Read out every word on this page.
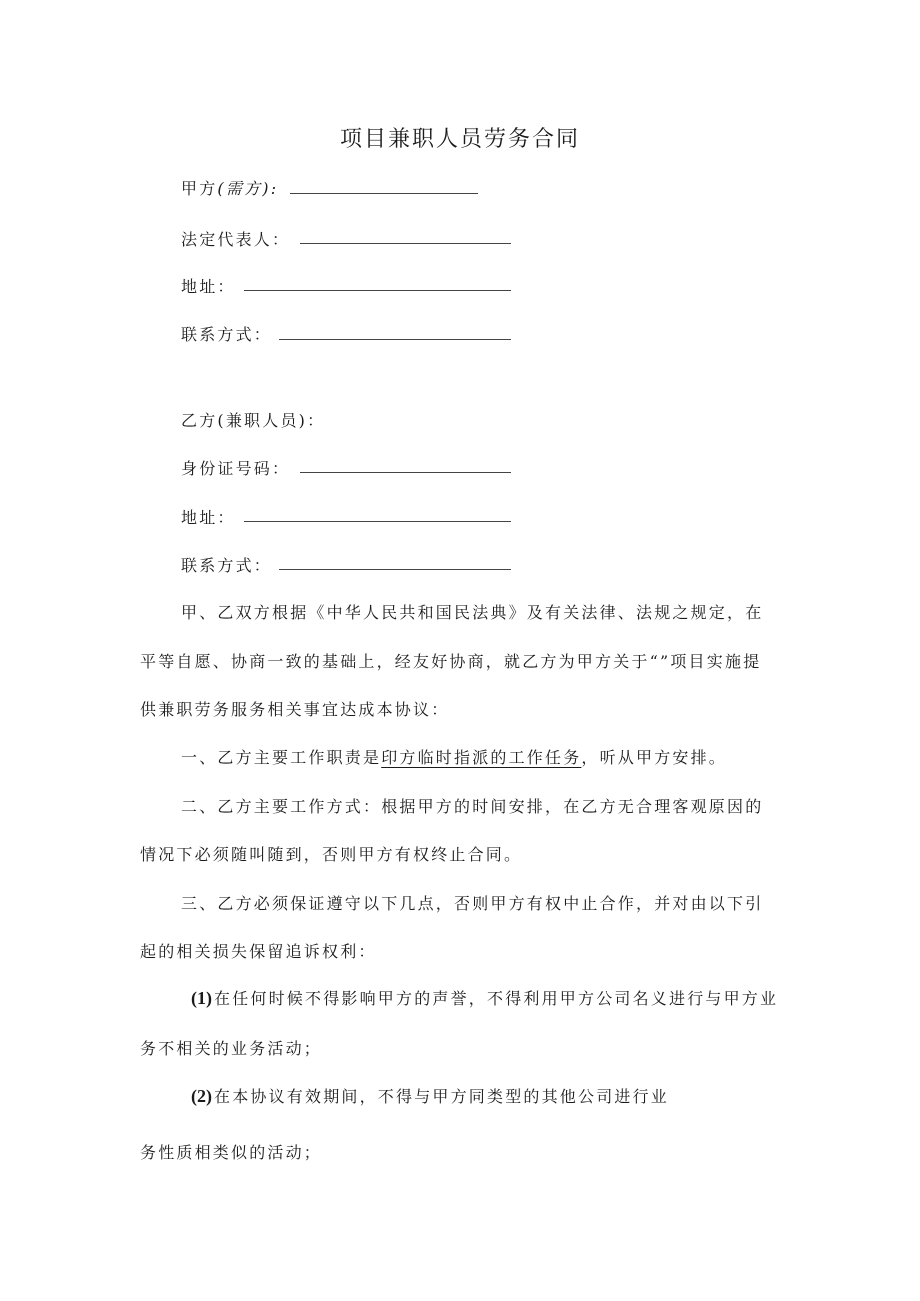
项目兼职人员劳务合同
甲方(需方):
法定代表人：
地址：
联系方式：
乙方(兼职人员)：
身份证号码：
地址：
联系方式：
甲、乙双方根据《中华人民共和国民法典》及有关法律、法规之规定，在
平等自愿、协商一致的基础上，经友好协商，就乙方为甲方关于“”项目实施提
供兼职劳务服务相关事宜达成本协议：
一、乙方主要工作职责是印方临时指派的工作任务，听从甲方安排。
二、乙方主要工作方式：根据甲方的时间安排，在乙方无合理客观原因的
情况下必须随叫随到，否则甲方有权终止合同。
三、乙方必须保证遵守以下几点，否则甲方有权中止合作，并对由以下引
起的相关损失保留追诉权利：
(1) 在任何时候不得影响甲方的声誉，不得利用甲方公司名义进行与甲方业
务不相关的业务活动；
(2) 在本协议有效期间，不得与甲方同类型的其他公司进行业
务性质相类似的活动；
